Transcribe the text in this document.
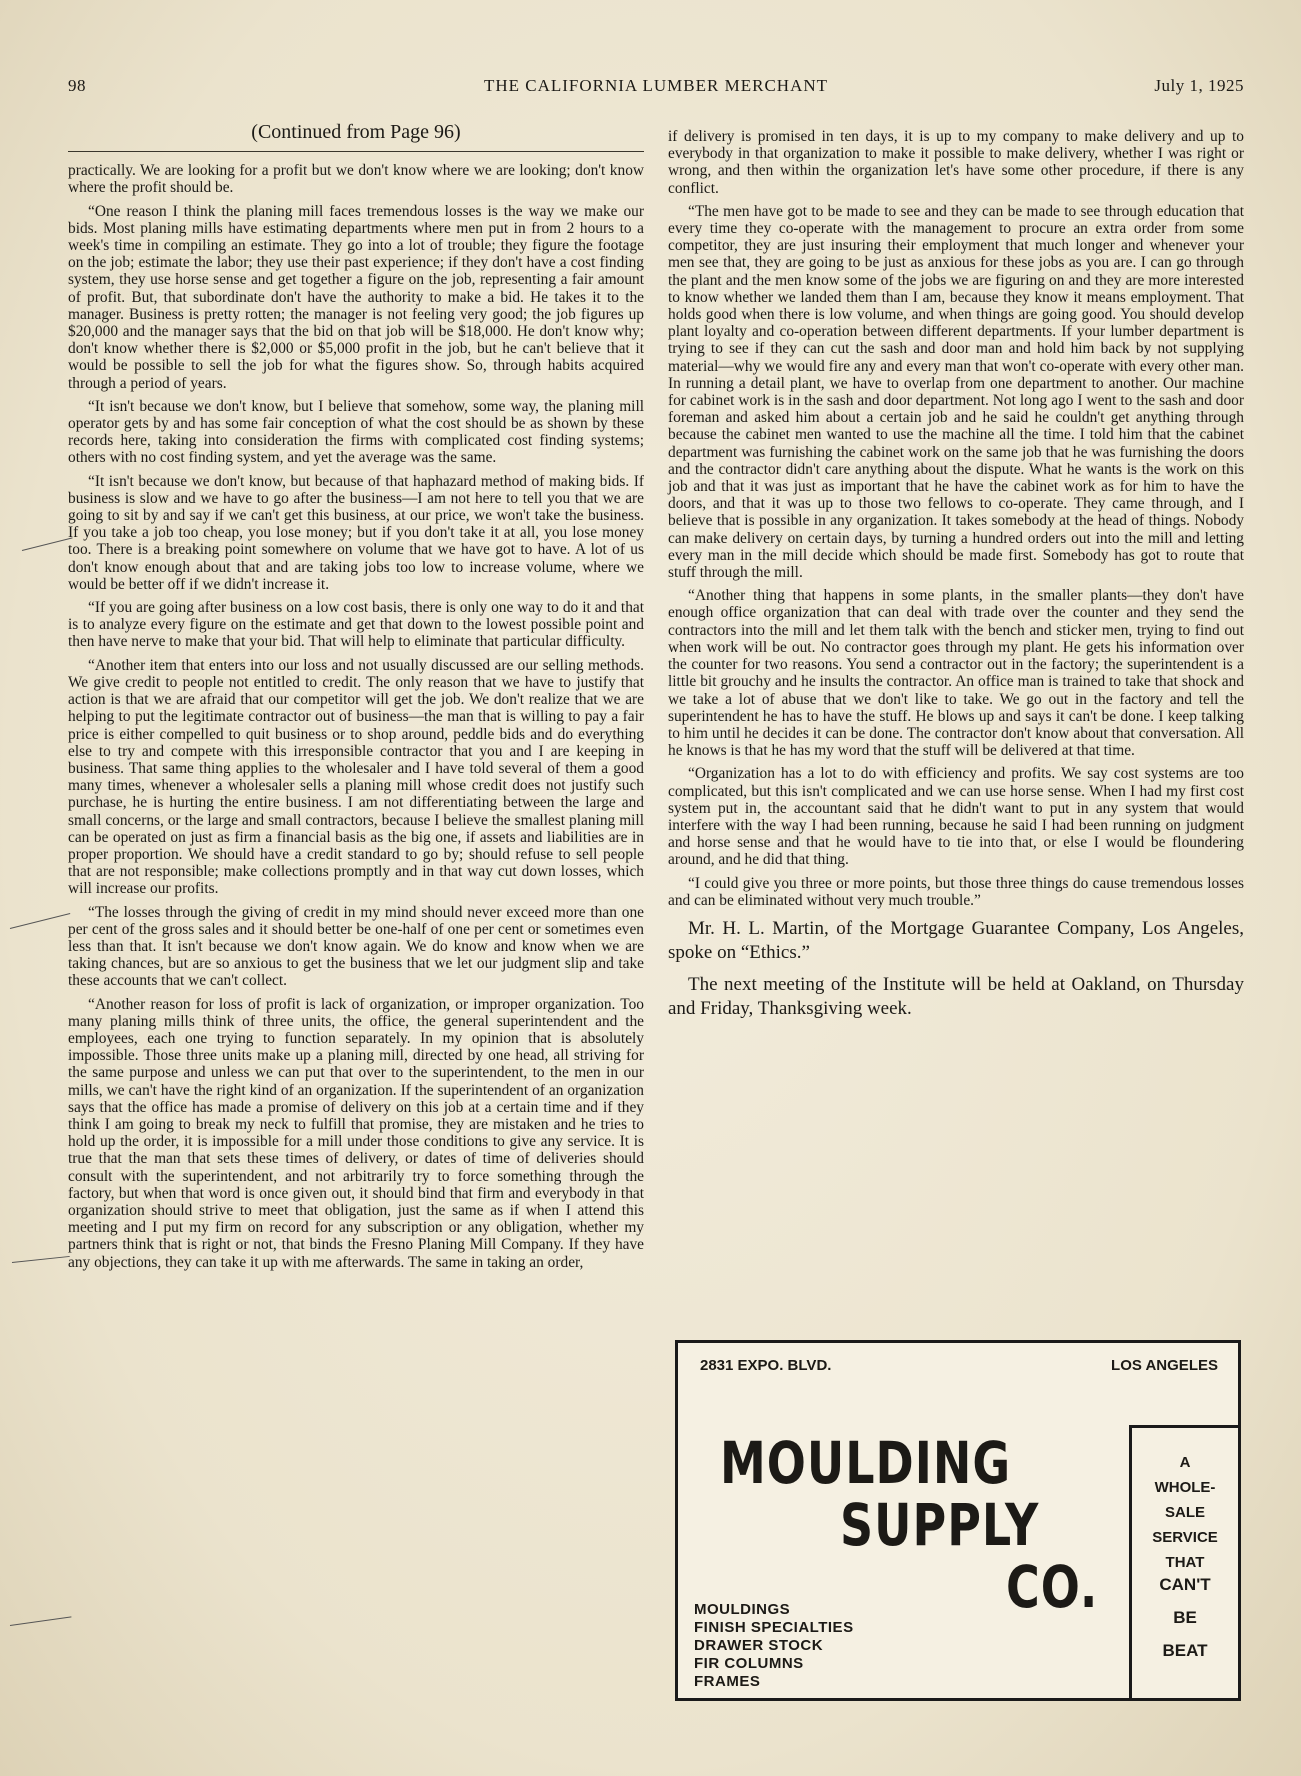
98	THE CALIFORNIA LUMBER MERCHANT	July 1, 1925
(Continued from Page 96)

practically. We are looking for a profit but we don't know where we are looking; don't know where the profit should be.

“One reason I think the planing mill faces tremendous losses is the way we make our bids. Most planing mills have estimating departments where men put in from 2 hours to a week's time in compiling an estimate. They go into a lot of trouble; they figure the footage on the job; estimate the labor; they use their past experience; if they don't have a cost finding system, they use horse sense and get together a figure on the job, representing a fair amount of profit. But, that subordinate don't have the authority to make a bid. He takes it to the manager. Business is pretty rotten; the manager is not feeling very good; the job figures up $20,000 and the manager says that the bid on that job will be $18,000. He don't know why; don't know whether there is $2,000 or $5,000 profit in the job, but he can't believe that it would be possible to sell the job for what the figures show. So, through habits acquired through a period of years.

“It isn't because we don't know, but I believe that somehow, some way, the planing mill operator gets by and has some fair conception of what the cost should be as shown by these records here, taking into consideration the firms with complicated cost finding systems; others with no cost finding system, and yet the average was the same.

“It isn't because we don't know, but because of that haphazard method of making bids. If business is slow and we have to go after the business—I am not here to tell you that we are going to sit by and say if we can't get this business, at our price, we won't take the business. If you take a job too cheap, you lose money; but if you don't take it at all, you lose money too. There is a breaking point somewhere on volume that we have got to have. A lot of us don't know enough about that and are taking jobs too low to increase volume, where we would be better off if we didn't increase it.

“If you are going after business on a low cost basis, there is only one way to do it and that is to analyze every figure on the estimate and get that down to the lowest possible point and then have nerve to make that your bid. That will help to eliminate that particular difficulty.

“Another item that enters into our loss and not usually discussed are our selling methods. We give credit to people not entitled to credit. The only reason that we have to justify that action is that we are afraid that our competitor will get the job. We don't realize that we are helping to put the legitimate contractor out of business—the man that is willing to pay a fair price is either compelled to quit business or to shop around, peddle bids and do everything else to try and compete with this irresponsible contractor that you and I are keeping in business. That same thing applies to the wholesaler and I have told several of them a good many times, whenever a wholesaler sells a planing mill whose credit does not justify such purchase, he is hurting the entire business. I am not differentiating between the large and small concerns, or the large and small contractors, because I believe the smallest planing mill can be operated on just as firm a financial basis as the big one, if assets and liabilities are in proper proportion. We should have a credit standard to go by; should refuse to sell people that are not responsible; make collections promptly and in that way cut down losses, which will increase our profits.

“The losses through the giving of credit in my mind should never exceed more than one per cent of the gross sales and it should better be one-half of one per cent or sometimes even less than that. It isn't because we don't know again. We do know and know when we are taking chances, but are so anxious to get the business that we let our judgment slip and take these accounts that we can't collect.

“Another reason for loss of profit is lack of organization, or improper organization. Too many planing mills think of three units, the office, the general superintendent and the employees, each one trying to function separately. In my opinion that is absolutely impossible. Those three units make up a planing mill, directed by one head, all striving for the same purpose and unless we can put that over to the superintendent, to the men in our mills, we can't have the right kind of an organization. If the superintendent of an organization says that the office has made a promise of delivery on this job at a certain time and if they think I am going to break my neck to fulfill that promise, they are mistaken and he tries to hold up the order, it is impossible for a mill under those conditions to give any service. It is true that the man that sets these times of delivery, or dates of time of deliveries should consult with the superintendent, and not arbitrarily try to force something through the factory, but when that word is once given out, it should bind that firm and everybody in that organization should strive to meet that obligation, just the same as if when I attend this meeting and I put my firm on record for any subscription or any obligation, whether my partners think that is right or not, that binds the Fresno Planing Mill Company. If they have any objections, they can take it up with me afterwards. The same in taking an order,

if delivery is promised in ten days, it is up to my company to make delivery and up to everybody in that organization to make it possible to make delivery, whether I was right or wrong, and then within the organization let's have some other procedure, if there is any conflict.

“The men have got to be made to see and they can be made to see through education that every time they co-operate with the management to procure an extra order from some competitor, they are just insuring their employment that much longer and whenever your men see that, they are going to be just as anxious for these jobs as you are. I can go through the plant and the men know some of the jobs we are figuring on and they are more interested to know whether we landed them than I am, because they know it means employment. That holds good when there is low volume, and when things are going good. You should develop plant loyalty and co-operation between different departments. If your lumber department is trying to see if they can cut the sash and door man and hold him back by not supplying material—why we would fire any and every man that won't co-operate with every other man. In running a detail plant, we have to overlap from one department to another. Our machine for cabinet work is in the sash and door department. Not long ago I went to the sash and door foreman and asked him about a certain job and he said he couldn't get anything through because the cabinet men wanted to use the machine all the time. I told him that the cabinet department was furnishing the cabinet work on the same job that he was furnishing the doors and the contractor didn't care anything about the dispute. What he wants is the work on this job and that it was just as important that he have the cabinet work as for him to have the doors, and that it was up to those two fellows to co-operate. They came through, and I believe that is possible in any organization. It takes somebody at the head of things. Nobody can make delivery on certain days, by turning a hundred orders out into the mill and letting every man in the mill decide which should be made first. Somebody has got to route that stuff through the mill.

“Another thing that happens in some plants, in the smaller plants—they don't have enough office organization that can deal with trade over the counter and they send the contractors into the mill and let them talk with the bench and sticker men, trying to find out when work will be out. No contractor goes through my plant. He gets his information over the counter for two reasons. You send a contractor out in the factory; the superintendent is a little bit grouchy and he insults the contractor. An office man is trained to take that shock and we take a lot of abuse that we don't like to take. We go out in the factory and tell the superintendent he has to have the stuff. He blows up and says it can't be done. I keep talking to him until he decides it can be done. The contractor don't know about that conversation. All he knows is that he has my word that the stuff will be delivered at that time.

“Organization has a lot to do with efficiency and profits. We say cost systems are too complicated, but this isn't complicated and we can use horse sense. When I had my first cost system put in, the accountant said that he didn't want to put in any system that would interfere with the way I had been running, because he said I had been running on judgment and horse sense and that he would have to tie into that, or else I would be floundering around, and he did that thing.

“I could give you three or more points, but those three things do cause tremendous losses and can be eliminated without very much trouble.”

Mr. H. L. Martin, of the Mortgage Guarantee Company, Los Angeles, spoke on “Ethics.”

The next meeting of the Institute will be held at Oakland, on Thursday and Friday, Thanksgiving week.

2831 EXPO. BLVD.	LOS ANGELES
MOULDING
SUPPLY
CO.
MOULDINGS
FINISH SPECIALTIES
DRAWER STOCK
FIR COLUMNS
FRAMES
A
WHOLE-
SALE
SERVICE
THAT
CAN'T
BE
BEAT
